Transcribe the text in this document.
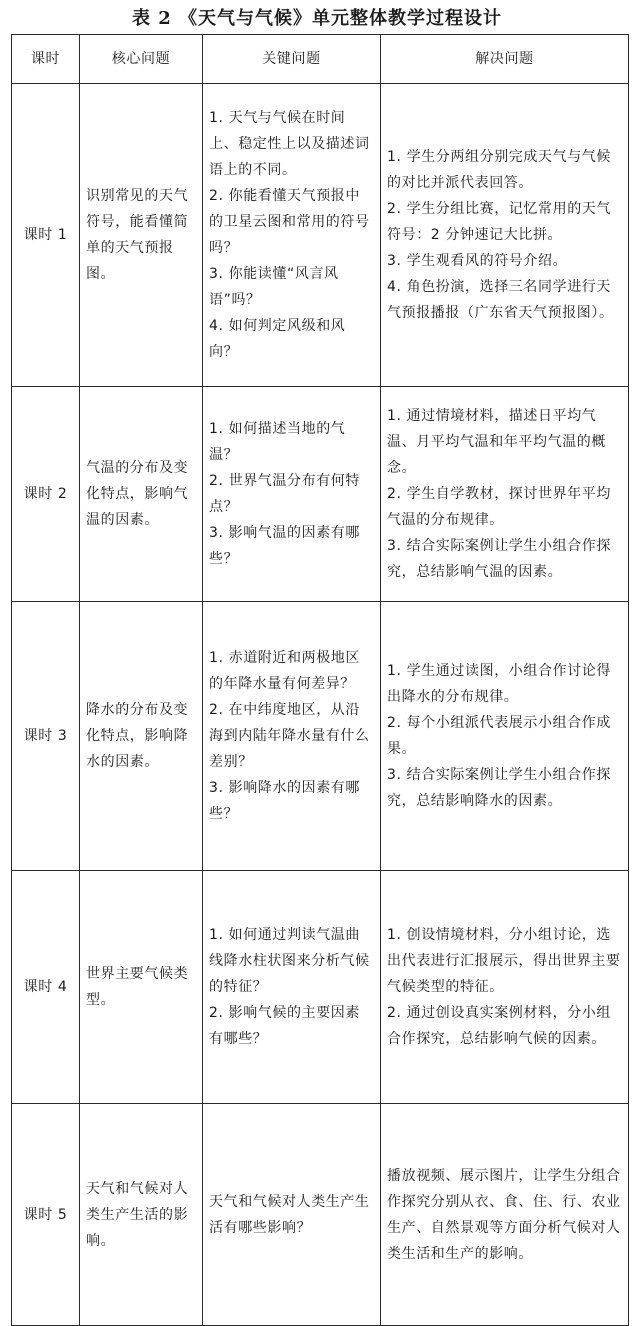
表 2 《天气与气候》单元整体教学过程设计
课时	核心问题	关键问题	解决问题
课时 1	识别常见的天气符号，能看懂简单的天气预报图。	1. 天气与气候在时间上、稳定性上以及描述词语上的不同。
2. 你能看懂天气预报中的卫星云图和常用的符号吗？
3. 你能读懂“风言风语”吗？
4. 如何判定风级和风向？	1. 学生分两组分别完成天气与气候的对比并派代表回答。
2. 学生分组比赛，记忆常用的天气符号：2 分钟速记大比拼。
3. 学生观看风的符号介绍。
4. 角色扮演，选择三名同学进行天气预报播报（广东省天气预报图）。

课时 2	气温的分布及变化特点，影响气温的因素。	1. 如何描述当地的气温？
2. 世界气温分布有何特点？
3. 影响气温的因素有哪些？	1. 通过情境材料，描述日平均气温、月平均气温和年平均气温的概念。
2. 学生自学教材，探讨世界年平均气温的分布规律。
3. 结合实际案例让学生小组合作探究，总结影响气温的因素。

课时 3	降水的分布及变化特点，影响降水的因素。	1. 赤道附近和两极地区的年降水量有何差异？
2. 在中纬度地区，从沿海到内陆年降水量有什么差别？
3. 影响降水的因素有哪些？	1. 学生通过读图，小组合作讨论得出降水的分布规律。
2. 每个小组派代表展示小组合作成果。
3. 结合实际案例让学生小组合作探究，总结影响降水的因素。

课时 4	世界主要气候类型。	1. 如何通过判读气温曲线降水柱状图来分析气候的特征？
2. 影响气候的主要因素有哪些？	1. 创设情境材料，分小组讨论，选出代表进行汇报展示，得出世界主要气候类型的特征。
2. 通过创设真实案例材料，分小组合作探究，总结影响气候的因素。

课时 5	天气和气候对人类生产生活的影响。	天气和气候对人类生产生活有哪些影响？	播放视频、展示图片，让学生分组合作探究分别从衣、食、住、行、农业生产、自然景观等方面分析气候对人类生活和生产的影响。
